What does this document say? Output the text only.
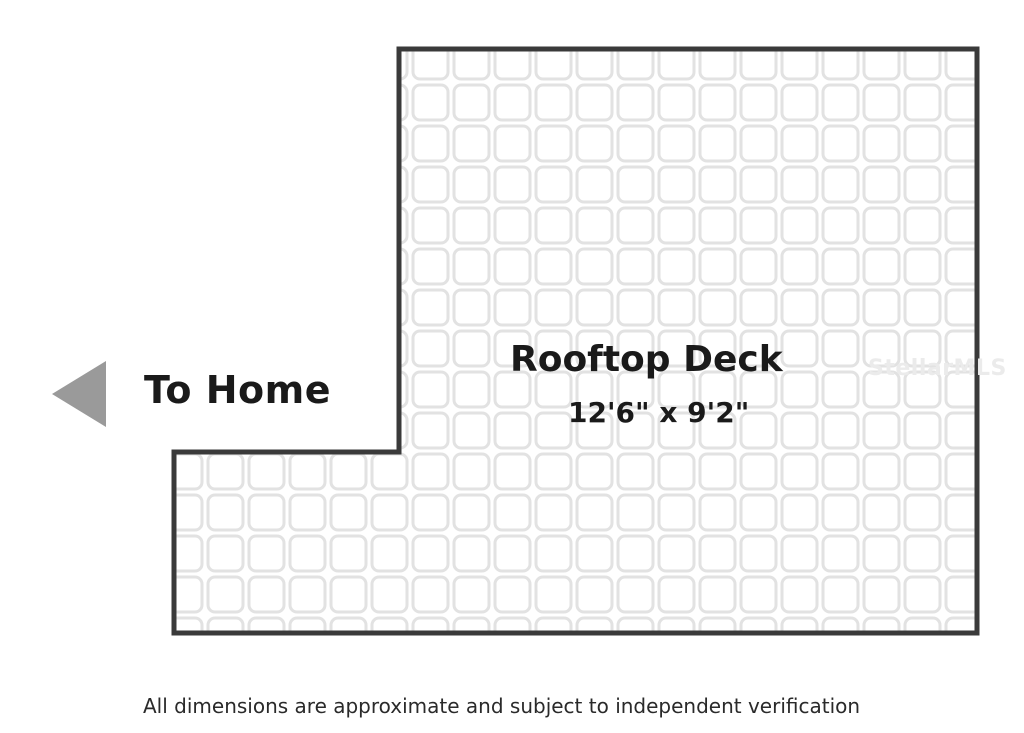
To Home
Rooftop Deck
12'6" x 9'2"
StellarMLS
All dimensions are approximate and subject to independent verification
